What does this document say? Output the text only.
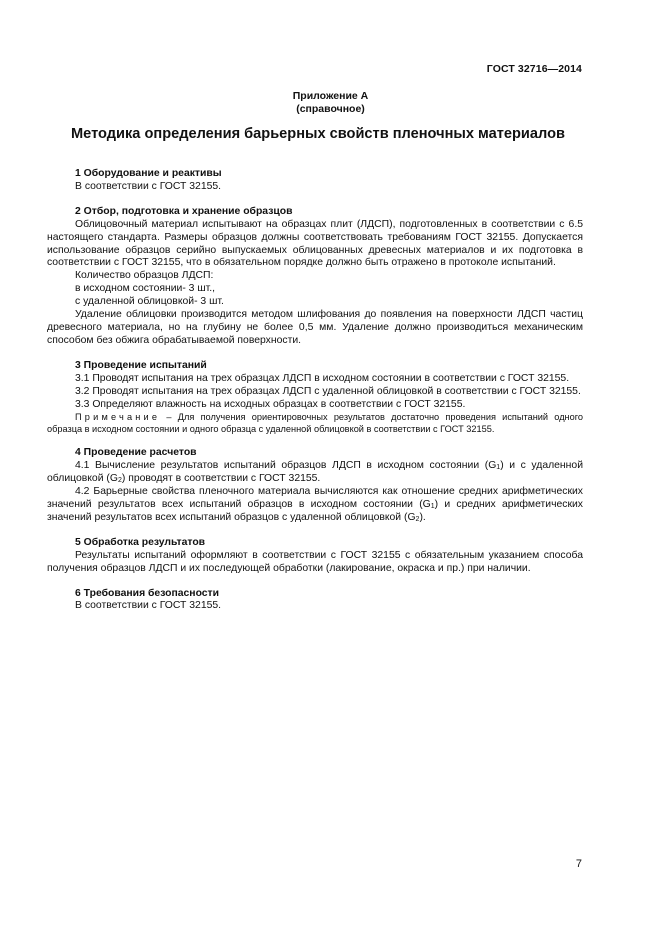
ГОСТ 32716—2014
Приложение А
(справочное)
Методика определения барьерных свойств пленочных материалов
1 Оборудование и реактивы

В соответствии с ГОСТ 32155.

2 Отбор, подготовка и хранение образцов

Облицовочный материал испытывают на образцах плит (ЛДСП), подготовленных в соответствии с 6.5 настоящего стандарта. Размеры образцов должны соответствовать требованиям ГОСТ 32155. Допускается использование образцов серийно выпускаемых облицованных древесных материалов и их подготовка в соответствии с ГОСТ 32155, что в обязательном порядке должно быть отражено в протоколе испытаний.

Количество образцов ЛДСП:

в исходном состоянии- 3 шт.,

с удаленной облицовкой- 3 шт.

Удаление облицовки производится методом шлифования до появления на поверхности ЛДСП частиц древесного материала, но на глубину не более 0,5 мм. Удаление должно производиться механическим способом без обжига обрабатываемой поверхности.

3 Проведение испытаний

3.1 Проводят испытания на трех образцах ЛДСП в исходном состоянии в соответствии с ГОСТ 32155.

3.2 Проводят испытания на трех образцах ЛДСП с удаленной облицовкой в соответствии с ГОСТ 32155.

3.3 Определяют влажность на исходных образцах в соответствии с ГОСТ 32155.

Примечание – Для получения ориентировочных результатов достаточно проведения испытаний одного образца в исходном состоянии и одного образца с удаленной облицовкой в соответствии с ГОСТ 32155.

4 Проведение расчетов

4.1 Вычисление результатов испытаний образцов ЛДСП в исходном состоянии $(G_1)$ и с удаленной облицовкой $(G_2)$ проводят в соответствии с ГОСТ 32155.

4.2 Барьерные свойства пленочного материала вычисляются как отношение средних арифметических значений результатов всех испытаний образцов в исходном состоянии $(G_1)$ и средних арифметических значений результатов всех испытаний образцов с удаленной облицовкой $(G_2)$.

5 Обработка результатов

Результаты испытаний оформляют в соответствии с ГОСТ 32155 с обязательным указанием способа получения образцов ЛДСП и их последующей обработки (лакирование, окраска и пр.) при наличии.

6 Требования безопасности

В соответствии с ГОСТ 32155.

7
